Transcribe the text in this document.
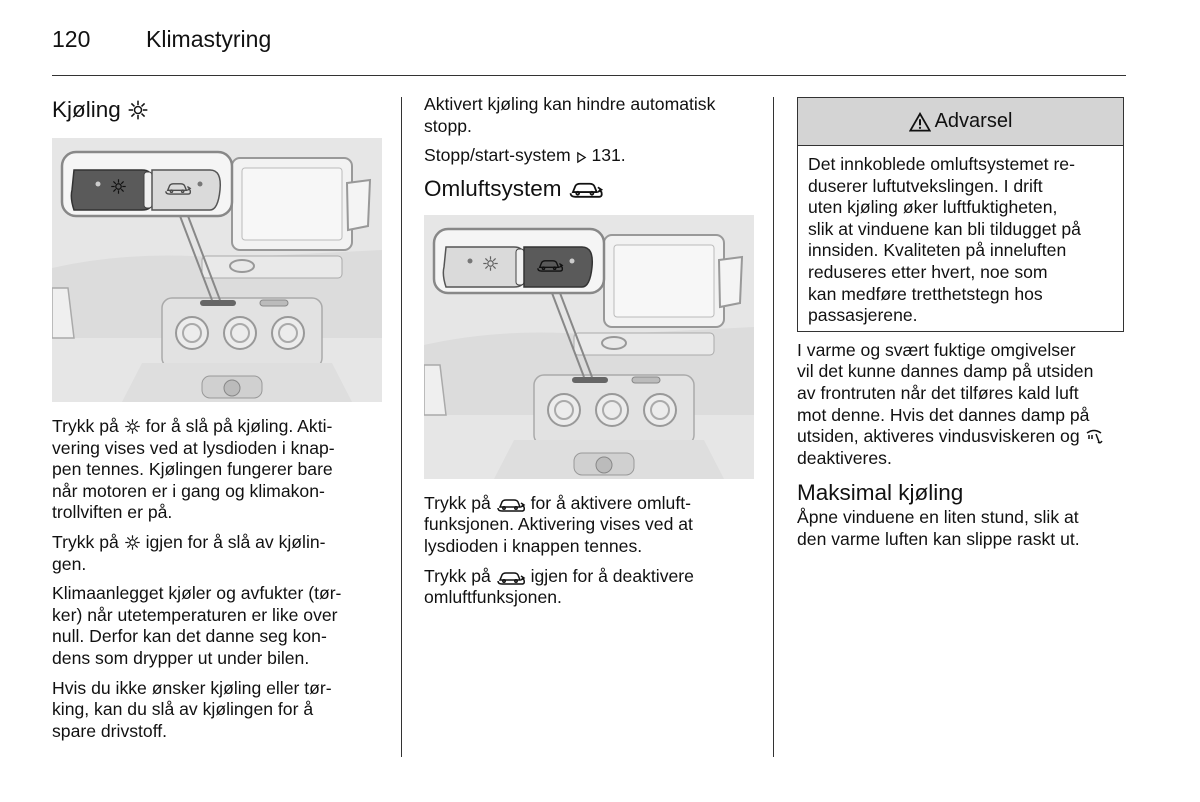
120 Klimastyring
Kjøling

Trykk på for å slå på kjøling. Akti-
vering vises ved at lysdioden i knap-
pen tennes. Kjølingen fungerer bare
når motoren er i gang og klimakon-
trollviften er på.

Trykk på igjen for å slå av kjølin-
gen.

Klimaanlegget kjøler og avfukter (tør-
ker) når utetemperaturen er like over
null. Derfor kan det danne seg kon-
dens som drypper ut under bilen.

Hvis du ikke ønsker kjøling eller tør-
king, kan du slå av kjølingen for å
spare drivstoff.

Aktivert kjøling kan hindre automatisk
stopp.

Stopp/start-system 131.

Omluftsystem

Trykk på for å aktivere omluft-
funksjonen. Aktivering vises ved at
lysdioden i knappen tennes.

Trykk på igjen for å deaktivere
omluftfunksjonen.

Advarsel

Det innkoblede omluftsystemet re-
duserer luftutvekslingen. I drift
uten kjøling øker luftfuktigheten,
slik at vinduene kan bli tildugget på
innsiden. Kvaliteten på inneluften
reduseres etter hvert, noe som
kan medføre tretthetstegn hos
passasjerene.

I varme og svært fuktige omgivelser
vil det kunne dannes damp på utsiden
av frontruten når det tilføres kald luft
mot denne. Hvis det dannes damp på
utsiden, aktiveres vindusviskeren og  deaktiveres.

Maksimal kjøling

Åpne vinduene en liten stund, slik at
den varme luften kan slippe raskt ut.
